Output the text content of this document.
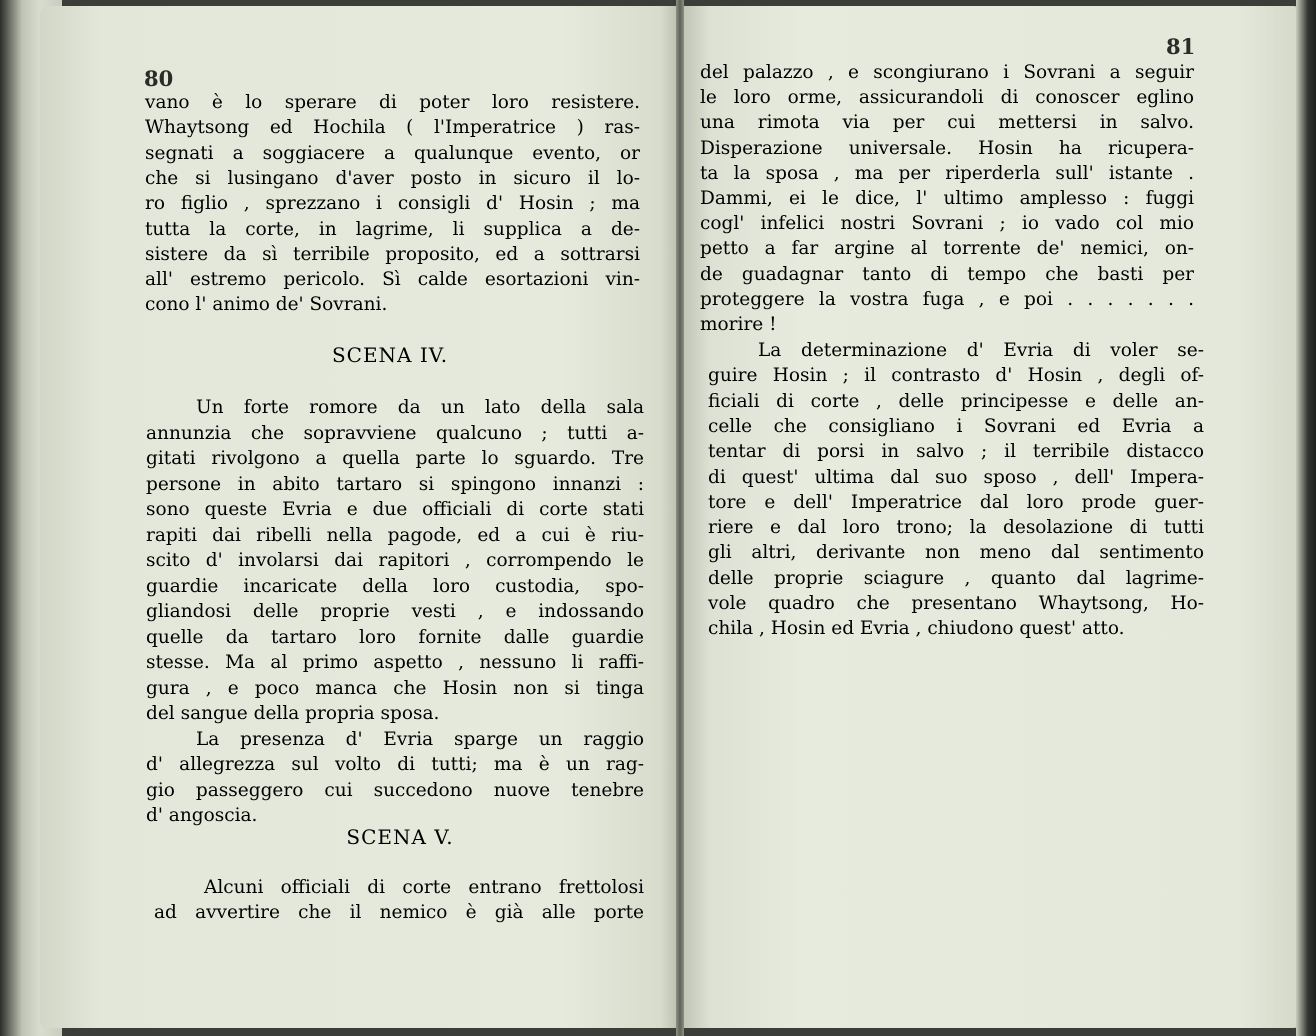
80
vano è lo sperare di poter loro resistere.
Whaytsong ed Hochila ( l'Imperatrice ) ras-
segnati a soggiacere a qualunque evento, or
che si lusingano d'aver posto in sicuro il lo-
ro figlio , sprezzano i consigli d' Hosin ; ma
tutta la corte, in lagrime, li supplica a de-
sistere da sì terribile proposito, ed a sottrarsi
all' estremo pericolo. Sì calde esortazioni vin-
cono l' animo de' Sovrani.
SCENA IV.
Un forte romore da un lato della sala
annunzia che sopravviene qualcuno ; tutti a-
gitati rivolgono a quella parte lo sguardo. Tre
persone in abito tartaro si spingono innanzi :
sono queste Evria e due officiali di corte stati
rapiti dai ribelli nella pagode, ed a cui è riu-
scito d' involarsi dai rapitori , corrompendo le
guardie incaricate della loro custodia, spo-
gliandosi delle proprie vesti , e indossando
quelle da tartaro loro fornite dalle guardie
stesse. Ma al primo aspetto , nessuno li raffi-
gura , e poco manca che Hosin non si tinga
del sangue della propria sposa.
La presenza d' Evria sparge un raggio
d' allegrezza sul volto di tutti; ma è un rag-
gio passeggero cui succedono nuove tenebre
d' angoscia.
SCENA V.
Alcuni officiali di corte entrano frettolosi
ad avvertire che il nemico è già alle porte
81
del palazzo , e scongiurano i Sovrani a seguir
le loro orme, assicurandoli di conoscer eglino
una rimota via per cui mettersi in salvo.
Disperazione universale. Hosin ha ricupera-
ta la sposa , ma per riperderla sull' istante .
Dammi, ei le dice, l' ultimo amplesso : fuggi
cogl' infelici nostri Sovrani ; io vado col mio
petto a far argine al torrente de' nemici, on-
de guadagnar tanto di tempo che basti per
proteggere la vostra fuga , e poi . . . . . . .
morire !
La determinazione d' Evria di voler se-
guire Hosin ; il contrasto d' Hosin , degli of-
ficiali di corte , delle principesse e delle an-
celle che consigliano i Sovrani ed Evria a
tentar di porsi in salvo ; il terribile distacco
di quest' ultima dal suo sposo , dell' Impera-
tore e dell' Imperatrice dal loro prode guer-
riere e dal loro trono; la desolazione di tutti
gli altri, derivante non meno dal sentimento
delle proprie sciagure , quanto dal lagrime-
vole quadro che presentano Whaytsong, Ho-
chila , Hosin ed Evria , chiudono quest' atto.
